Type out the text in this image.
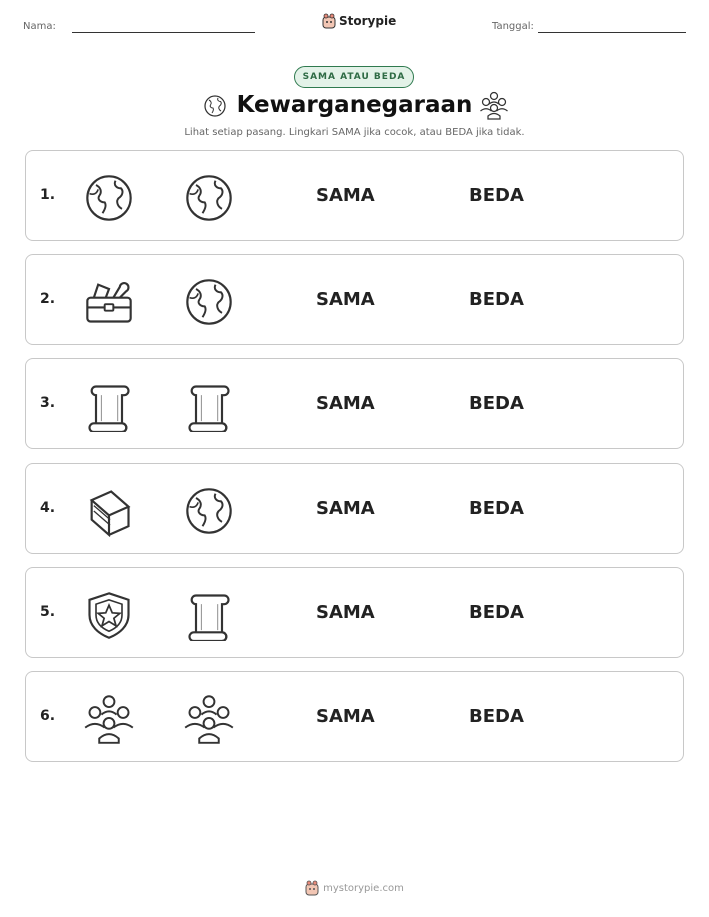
Nama:	Storypie	Tanggal:
SAMA ATAU BEDA
Kewarganegaraan
Lihat setiap pasang. Lingkari SAMA jika cocok, atau BEDA jika tidak.
1.	SAMA	BEDA
2.	SAMA	BEDA
3.	SAMA	BEDA
4.	SAMA	BEDA
5.	SAMA	BEDA
6.	SAMA	BEDA
mystorypie.com
